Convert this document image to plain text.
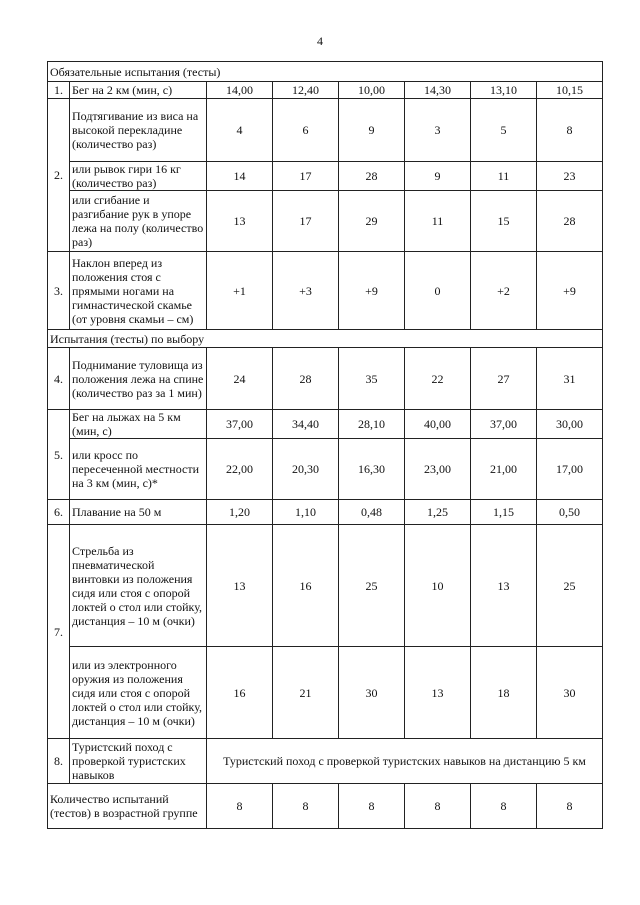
4
Обязательные испытания (тесты)							
1.	Бег на 2 км (мин, с)	14,00	12,40	10,00	14,30	13,10	10,15
2.	Подтягивание из виса на высокой перекладине (количество раз)	4	6	9	3	5	8
	или рывок гири 16 кг (количество раз)	14	17	28	9	11	23
	или сгибание и разгибание рук в упоре лежа на полу (количество раз)	13	17	29	11	15	28
3.	Наклон вперед из положения стоя с прямыми ногами на гимнастической скамье (от уровня скамьи – см)	+1	+3	+9	0	+2	+9
Испытания (тесты) по выбору							
4.	Поднимание туловища из положения лежа на спине (количество раз за 1 мин)	24	28	35	22	27	31
5.	Бег на лыжах на 5 км (мин, с)	37,00	34,40	28,10	40,00	37,00	30,00
	или кросс по пересеченной местности на 3 км (мин, с)*	22,00	20,30	16,30	23,00	21,00	17,00
6.	Плавание на 50 м	1,20	1,10	0,48	1,25	1,15	0,50
7.	Стрельба из пневматической винтовки из положения сидя или стоя с опорой локтей о стол или стойку, дистанция – 10 м (очки)	13	16	25	10	13	25
	или из электронного оружия из положения сидя или стоя с опорой локтей о стол или стойку, дистанция – 10 м (очки)	16	21	30	13	18	30
8.	Туристский поход с проверкой туристских навыков	Туристский поход с проверкой туристских навыков на дистанцию 5 км					
Количество испытаний (тестов) в возрастной группе		8	8	8	8	8	8
